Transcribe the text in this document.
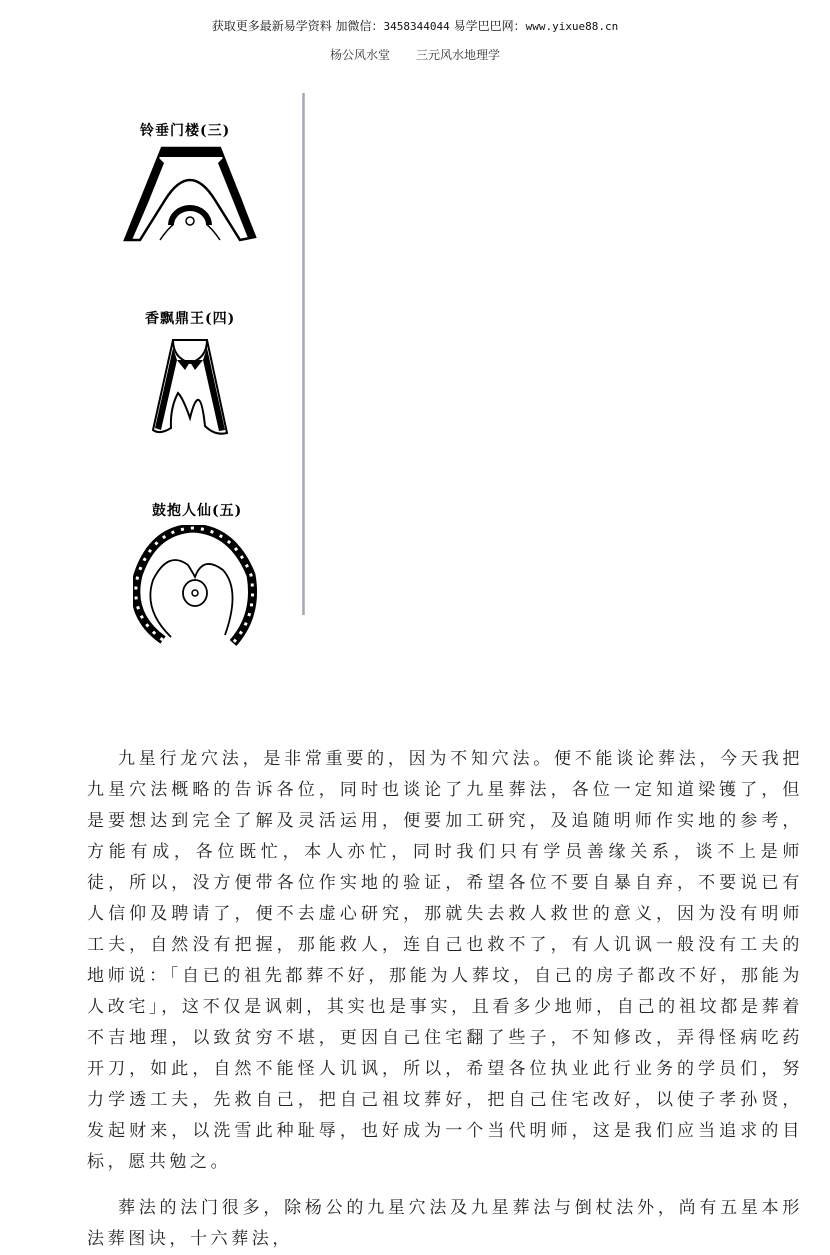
获取更多最新易学资料 加微信：3458344044 易学巴巴网：www.yixue88.cn
杨公风水堂 三元风水地理学
铃垂门楼(三)
香飘鼎王(四)
鼓抱人仙(五)

九星行龙穴法，是非常重要的，因为不知穴法。便不能谈论葬法，今天我把九星穴法概略的告诉各位，同时也谈论了九星葬法，各位一定知道梁镬了，但是要想达到完全了解及灵活运用，便要加工研究，及追随明师作实地的参考，方能有成，各位既忙，本人亦忙，同时我们只有学员善缘关系，谈不上是师徒，所以，没方便带各位作实地的验证，希望各位不要自暴自弃，不要说已有人信仰及聘请了，便不去虚心研究，那就失去救人救世的意义，因为没有明师工夫，自然没有把握，那能救人，连自己也救不了，有人讥讽一般没有工夫的地师说：「自已的祖先都葬不好，那能为人葬坟，自己的房子都改不好，那能为人改宅」，这不仅是讽刺，其实也是事实，且看多少地师，自己的祖坟都是葬着不吉地理，以致贫穷不堪，更因自己住宅翻了些子，不知修改，弄得怪病吃药开刀，如此，自然不能怪人讥讽，所以，希望各位执业此行业务的学员们，努力学透工夫，先救自己，把自己祖坟葬好，把自己住宅改好，以使子孝孙贤，发起财来，以洗雪此种耻辱，也好成为一个当代明师，这是我们应当追求的目标，愿共勉之。

葬法的法门很多，除杨公的九星穴法及九星葬法与倒杖法外，尚有五星本形法葬图诀，十六葬法，
